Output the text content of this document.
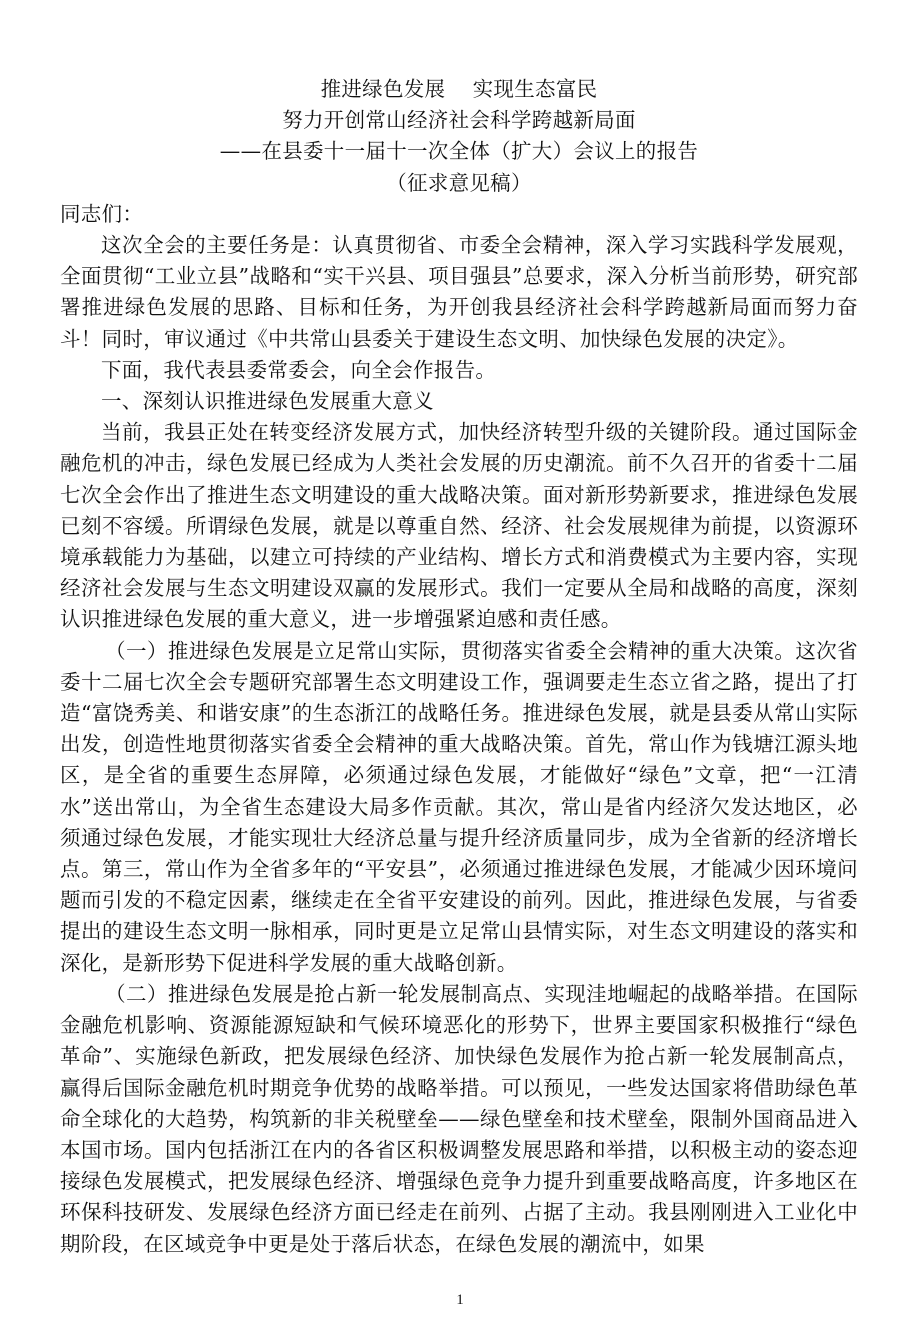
推进绿色发展    实现生态富民
努力开创常山经济社会科学跨越新局面
——在县委十一届十一次全体（扩大）会议上的报告
（征求意见稿）

同志们：

这次全会的主要任务是：认真贯彻省、市委全会精神，深入学习实践科学发展观，全面贯彻“工业立县”战略和“实干兴县、项目强县”总要求，深入分析当前形势，研究部署推进绿色发展的思路、目标和任务，为开创我县经济社会科学跨越新局面而努力奋斗！同时，审议通过《中共常山县委关于建设生态文明、加快绿色发展的决定》。

下面，我代表县委常委会，向全会作报告。

一、深刻认识推进绿色发展重大意义

当前，我县正处在转变经济发展方式，加快经济转型升级的关键阶段。通过国际金融危机的冲击，绿色发展已经成为人类社会发展的历史潮流。前不久召开的省委十二届七次全会作出了推进生态文明建设的重大战略决策。面对新形势新要求，推进绿色发展已刻不容缓。所谓绿色发展，就是以尊重自然、经济、社会发展规律为前提，以资源环境承载能力为基础，以建立可持续的产业结构、增长方式和消费模式为主要内容，实现经济社会发展与生态文明建设双赢的发展形式。我们一定要从全局和战略的高度，深刻认识推进绿色发展的重大意义，进一步增强紧迫感和责任感。

（一）推进绿色发展是立足常山实际，贯彻落实省委全会精神的重大决策。这次省委十二届七次全会专题研究部署生态文明建设工作，强调要走生态立省之路，提出了打造“富饶秀美、和谐安康”的生态浙江的战略任务。推进绿色发展，就是县委从常山实际出发，创造性地贯彻落实省委全会精神的重大战略决策。首先，常山作为钱塘江源头地区，是全省的重要生态屏障，必须通过绿色发展，才能做好“绿色”文章，把“一江清水”送出常山，为全省生态建设大局多作贡献。其次，常山是省内经济欠发达地区，必须通过绿色发展，才能实现壮大经济总量与提升经济质量同步，成为全省新的经济增长点。第三，常山作为全省多年的“平安县”，必须通过推进绿色发展，才能减少因环境问题而引发的不稳定因素，继续走在全省平安建设的前列。因此，推进绿色发展，与省委提出的建设生态文明一脉相承，同时更是立足常山县情实际，对生态文明建设的落实和深化，是新形势下促进科学发展的重大战略创新。

（二）推进绿色发展是抢占新一轮发展制高点、实现洼地崛起的战略举措。在国际金融危机影响、资源能源短缺和气候环境恶化的形势下，世界主要国家积极推行“绿色革命”、实施绿色新政，把发展绿色经济、加快绿色发展作为抢占新一轮发展制高点，赢得后国际金融危机时期竞争优势的战略举措。可以预见，一些发达国家将借助绿色革命全球化的大趋势，构筑新的非关税壁垒——绿色壁垒和技术壁垒，限制外国商品进入本国市场。国内包括浙江在内的各省区积极调整发展思路和举措，以积极主动的姿态迎接绿色发展模式，把发展绿色经济、增强绿色竞争力提升到重要战略高度，许多地区在环保科技研发、发展绿色经济方面已经走在前列、占据了主动。我县刚刚进入工业化中期阶段，在区域竞争中更是处于落后状态，在绿色发展的潮流中，如果

1
